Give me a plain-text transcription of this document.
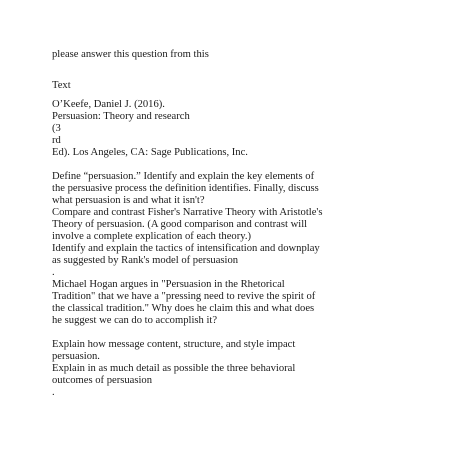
please answer this question from this

Text

O’Keefe, Daniel J. (2016).

Persuasion: Theory and research

(3

rd

Ed). Los Angeles, CA: Sage Publications, Inc.

Define “persuasion.” Identify and explain the key elements of

the persuasive process the definition identifies. Finally, discuss

what persuasion is and what it isn't?

Compare and contrast Fisher's Narrative Theory with Aristotle's

Theory of persuasion. (A good comparison and contrast will

involve a complete explication of each theory.)

Identify and explain the tactics of intensification and downplay

as suggested by Rank's model of persuasion

.

Michael Hogan argues in "Persuasion in the Rhetorical

Tradition" that we have a "pressing need to revive the spirit of

the classical tradition." Why does he claim this and what does

he suggest we can do to accomplish it?

Explain how message content, structure, and style impact

persuasion.

Explain in as much detail as possible the three behavioral

outcomes of persuasion

.
